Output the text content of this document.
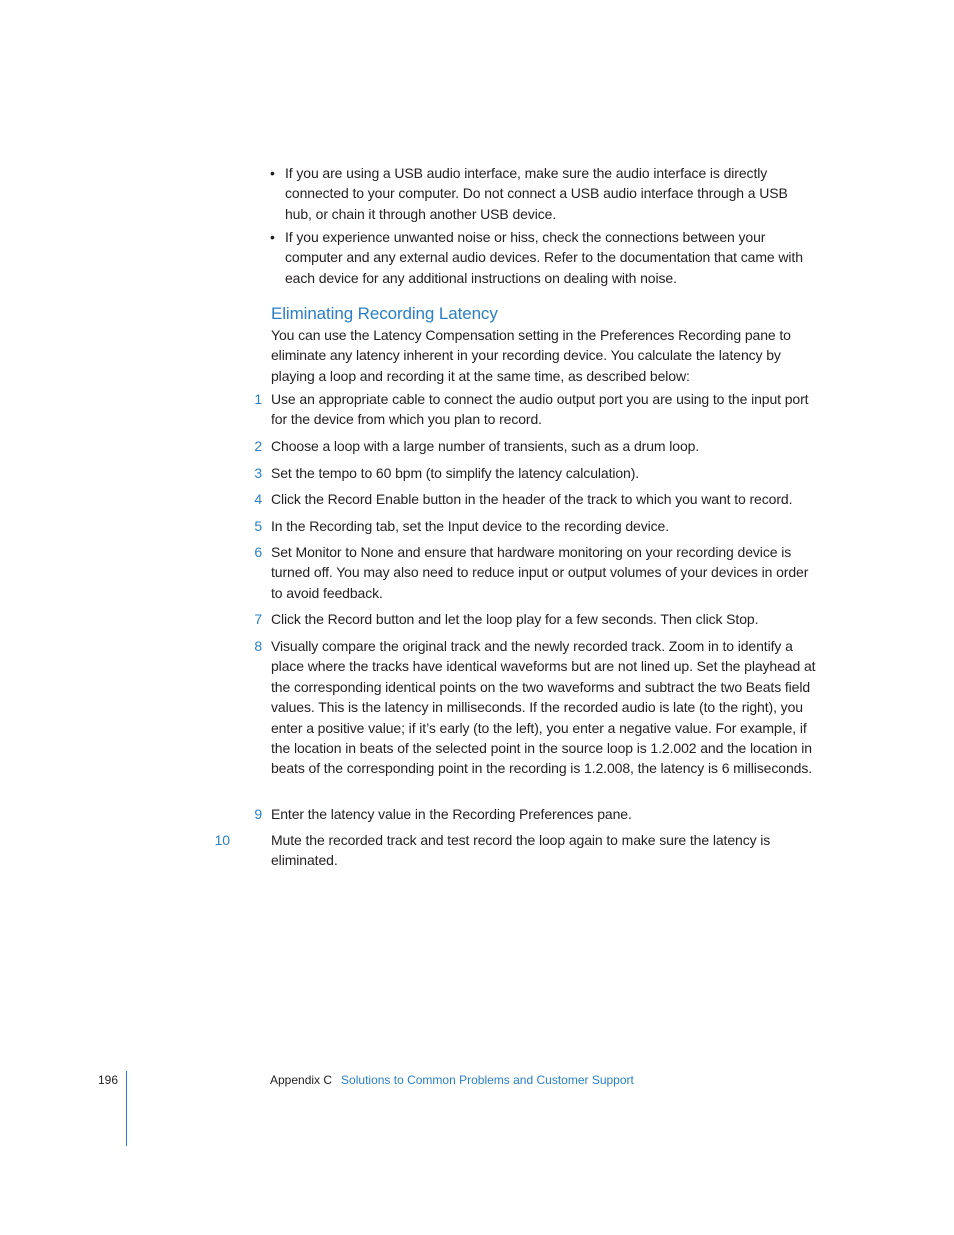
• If you are using a USB audio interface, make sure the audio interface is directly connected to your computer. Do not connect a USB audio interface through a USB hub, or chain it through another USB device.
• If you experience unwanted noise or hiss, check the connections between your computer and any external audio devices. Refer to the documentation that came with each device for any additional instructions on dealing with noise.
Eliminating Recording Latency
You can use the Latency Compensation setting in the Preferences Recording pane to eliminate any latency inherent in your recording device. You calculate the latency by playing a loop and recording it at the same time, as described below:
1 Use an appropriate cable to connect the audio output port you are using to the input port for the device from which you plan to record.
2 Choose a loop with a large number of transients, such as a drum loop.
3 Set the tempo to 60 bpm (to simplify the latency calculation).
4 Click the Record Enable button in the header of the track to which you want to record.
5 In the Recording tab, set the Input device to the recording device.
6 Set Monitor to None and ensure that hardware monitoring on your recording device is turned off. You may also need to reduce input or output volumes of your devices in order to avoid feedback.
7 Click the Record button and let the loop play for a few seconds. Then click Stop.
8 Visually compare the original track and the newly recorded track. Zoom in to identify a place where the tracks have identical waveforms but are not lined up. Set the playhead at the corresponding identical points on the two waveforms and subtract the two Beats field values. This is the latency in milliseconds. If the recorded audio is late (to the right), you enter a positive value; if it’s early (to the left), you enter a negative value. For example, if the location in beats of the selected point in the source loop is 1.2.002 and the location in beats of the corresponding point in the recording is 1.2.008, the latency is 6 milliseconds.
9 Enter the latency value in the Recording Preferences pane.
10	Mute the recorded track and test record the loop again to make sure the latency is eliminated.
196	Appendix C Solutions to Common Problems and Customer Support
